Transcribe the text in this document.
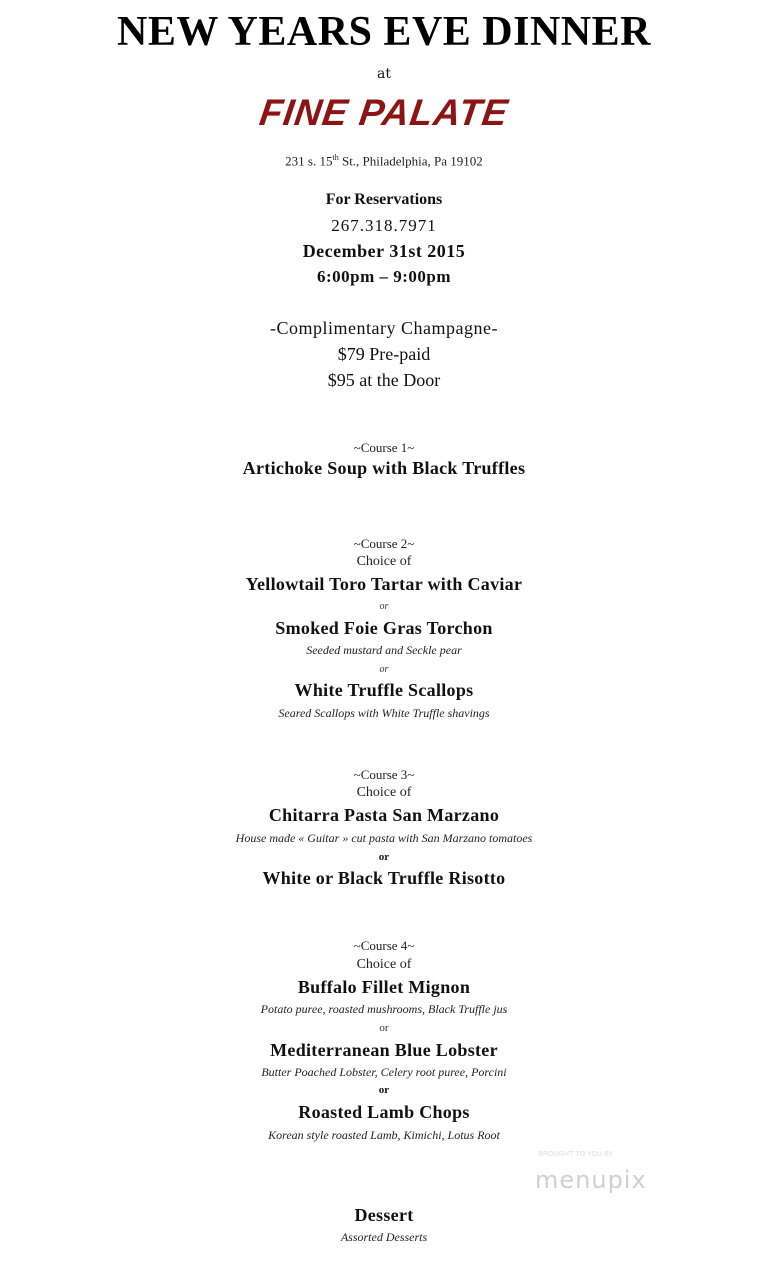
NEW YEARS EVE DINNER
at
FINE PALATE
231 s. 15th St., Philadelphia, Pa 19102
For Reservations
267.318.7971
December 31st 2015
6:00pm – 9:00pm
-Complimentary Champagne-
$79 Pre-paid
$95 at the Door
~Course 1~
Artichoke Soup with Black Truffles
~Course 2~
Choice of
Yellowtail Toro Tartar with Caviar
or
Smoked Foie Gras Torchon
Seeded mustard and Seckle pear
or
White Truffle Scallops
Seared Scallops with White Truffle shavings
~Course 3~
Choice of
Chitarra Pasta San Marzano
House made « Guitar » cut pasta with San Marzano tomatoes
or
White or Black Truffle Risotto
~Course 4~
Choice of
Buffalo Fillet Mignon
Potato puree, roasted mushrooms, Black Truffle jus
or
Mediterranean Blue Lobster
Butter Poached Lobster, Celery root puree, Porcini
or
Roasted Lamb Chops
Korean style roasted Lamb, Kimichi, Lotus Root
Dessert
Assorted Desserts
BROUGHT TO YOU BY
menupix
